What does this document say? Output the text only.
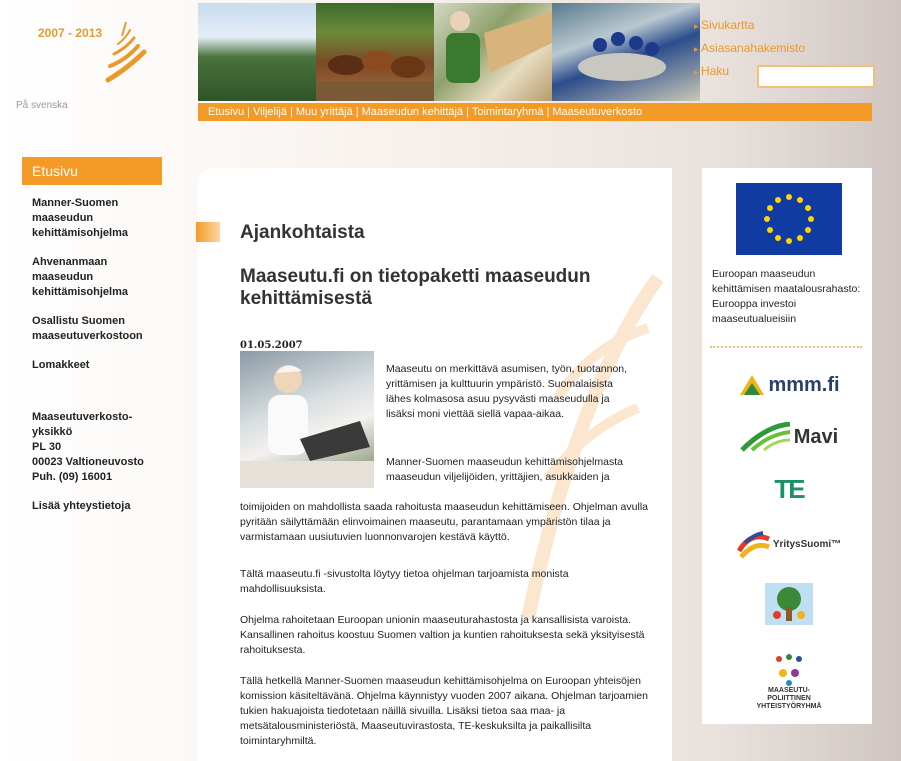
2007 - 2013
På svenska
▸ Sivukartta
▸ Asiasanahakemisto
▸ Haku
Etusivu | Viljelijä | Muu yrittäjä | Maaseudun kehittäjä | Toimintaryhmä | Maaseutuverkosto
Etusivu
Manner-Suomen maaseudun kehittämisohjelma
Ahvenanmaan maaseudun kehittämisohjelma
Osallistu Suomen maaseutuverkostoon
Lomakkeet
Maaseutuverkosto-
yksikkö
PL 30
00023 Valtioneuvosto
Puh. (09) 16001
Lisää yhteystietoja
Ajankohtaista
Maaseutu.fi on tietopaketti maaseudun kehittämisestä
01.05.2007
Maaseutu on merkittävä asumisen, työn, tuotannon, yrittämisen ja kulttuurin ympäristö. Suomalaisista lähes kolmasosa asuu pysyvästi maaseudulla ja lisäksi moni viettää siellä vapaa-aikaa.
Manner-Suomen maaseudun kehittämisohjelmasta maaseudun viljelijöiden, yrittäjien, asukkaiden ja
toimijoiden on mahdollista saada rahoitusta maaseudun kehittämiseen. Ohjelman avulla pyritään säilyttämään elinvoimainen maaseutu, parantamaan ympäristön tilaa ja varmistamaan uusiutuvien luonnonvarojen kestävä käyttö.
Tältä maaseutu.fi -sivustolta löytyy tietoa ohjelman tarjoamista monista mahdollisuuksista.
Ohjelma rahoitetaan Euroopan unionin maaseuturahastosta ja kansallisista varoista. Kansallinen rahoitus koostuu Suomen valtion ja kuntien rahoituksesta sekä yksityisestä rahoituksesta.
Tällä hetkellä Manner-Suomen maaseudun kehittämisohjelma on Euroopan yhteisöjen komission käsiteltävänä. Ohjelma käynnistyy vuoden 2007 aikana. Ohjelman tarjoamien tukien hakuajoista tiedotetaan näillä sivuilla. Lisäksi tietoa saa maa- ja metsätalousministeriöstä, Maaseutuvirastosta, TE-keskuksilta ja paikallisilta toimintaryhmiltä.
Euroopan maaseudun kehittämisen maatalousrahasto: Eurooppa investoi maaseutualueisiin
mmm.fi
Mavi
TE
YritysSuomi™
MAASEUTU-
POLIITTINEN
YHTEISTYÖRYHMÄ
